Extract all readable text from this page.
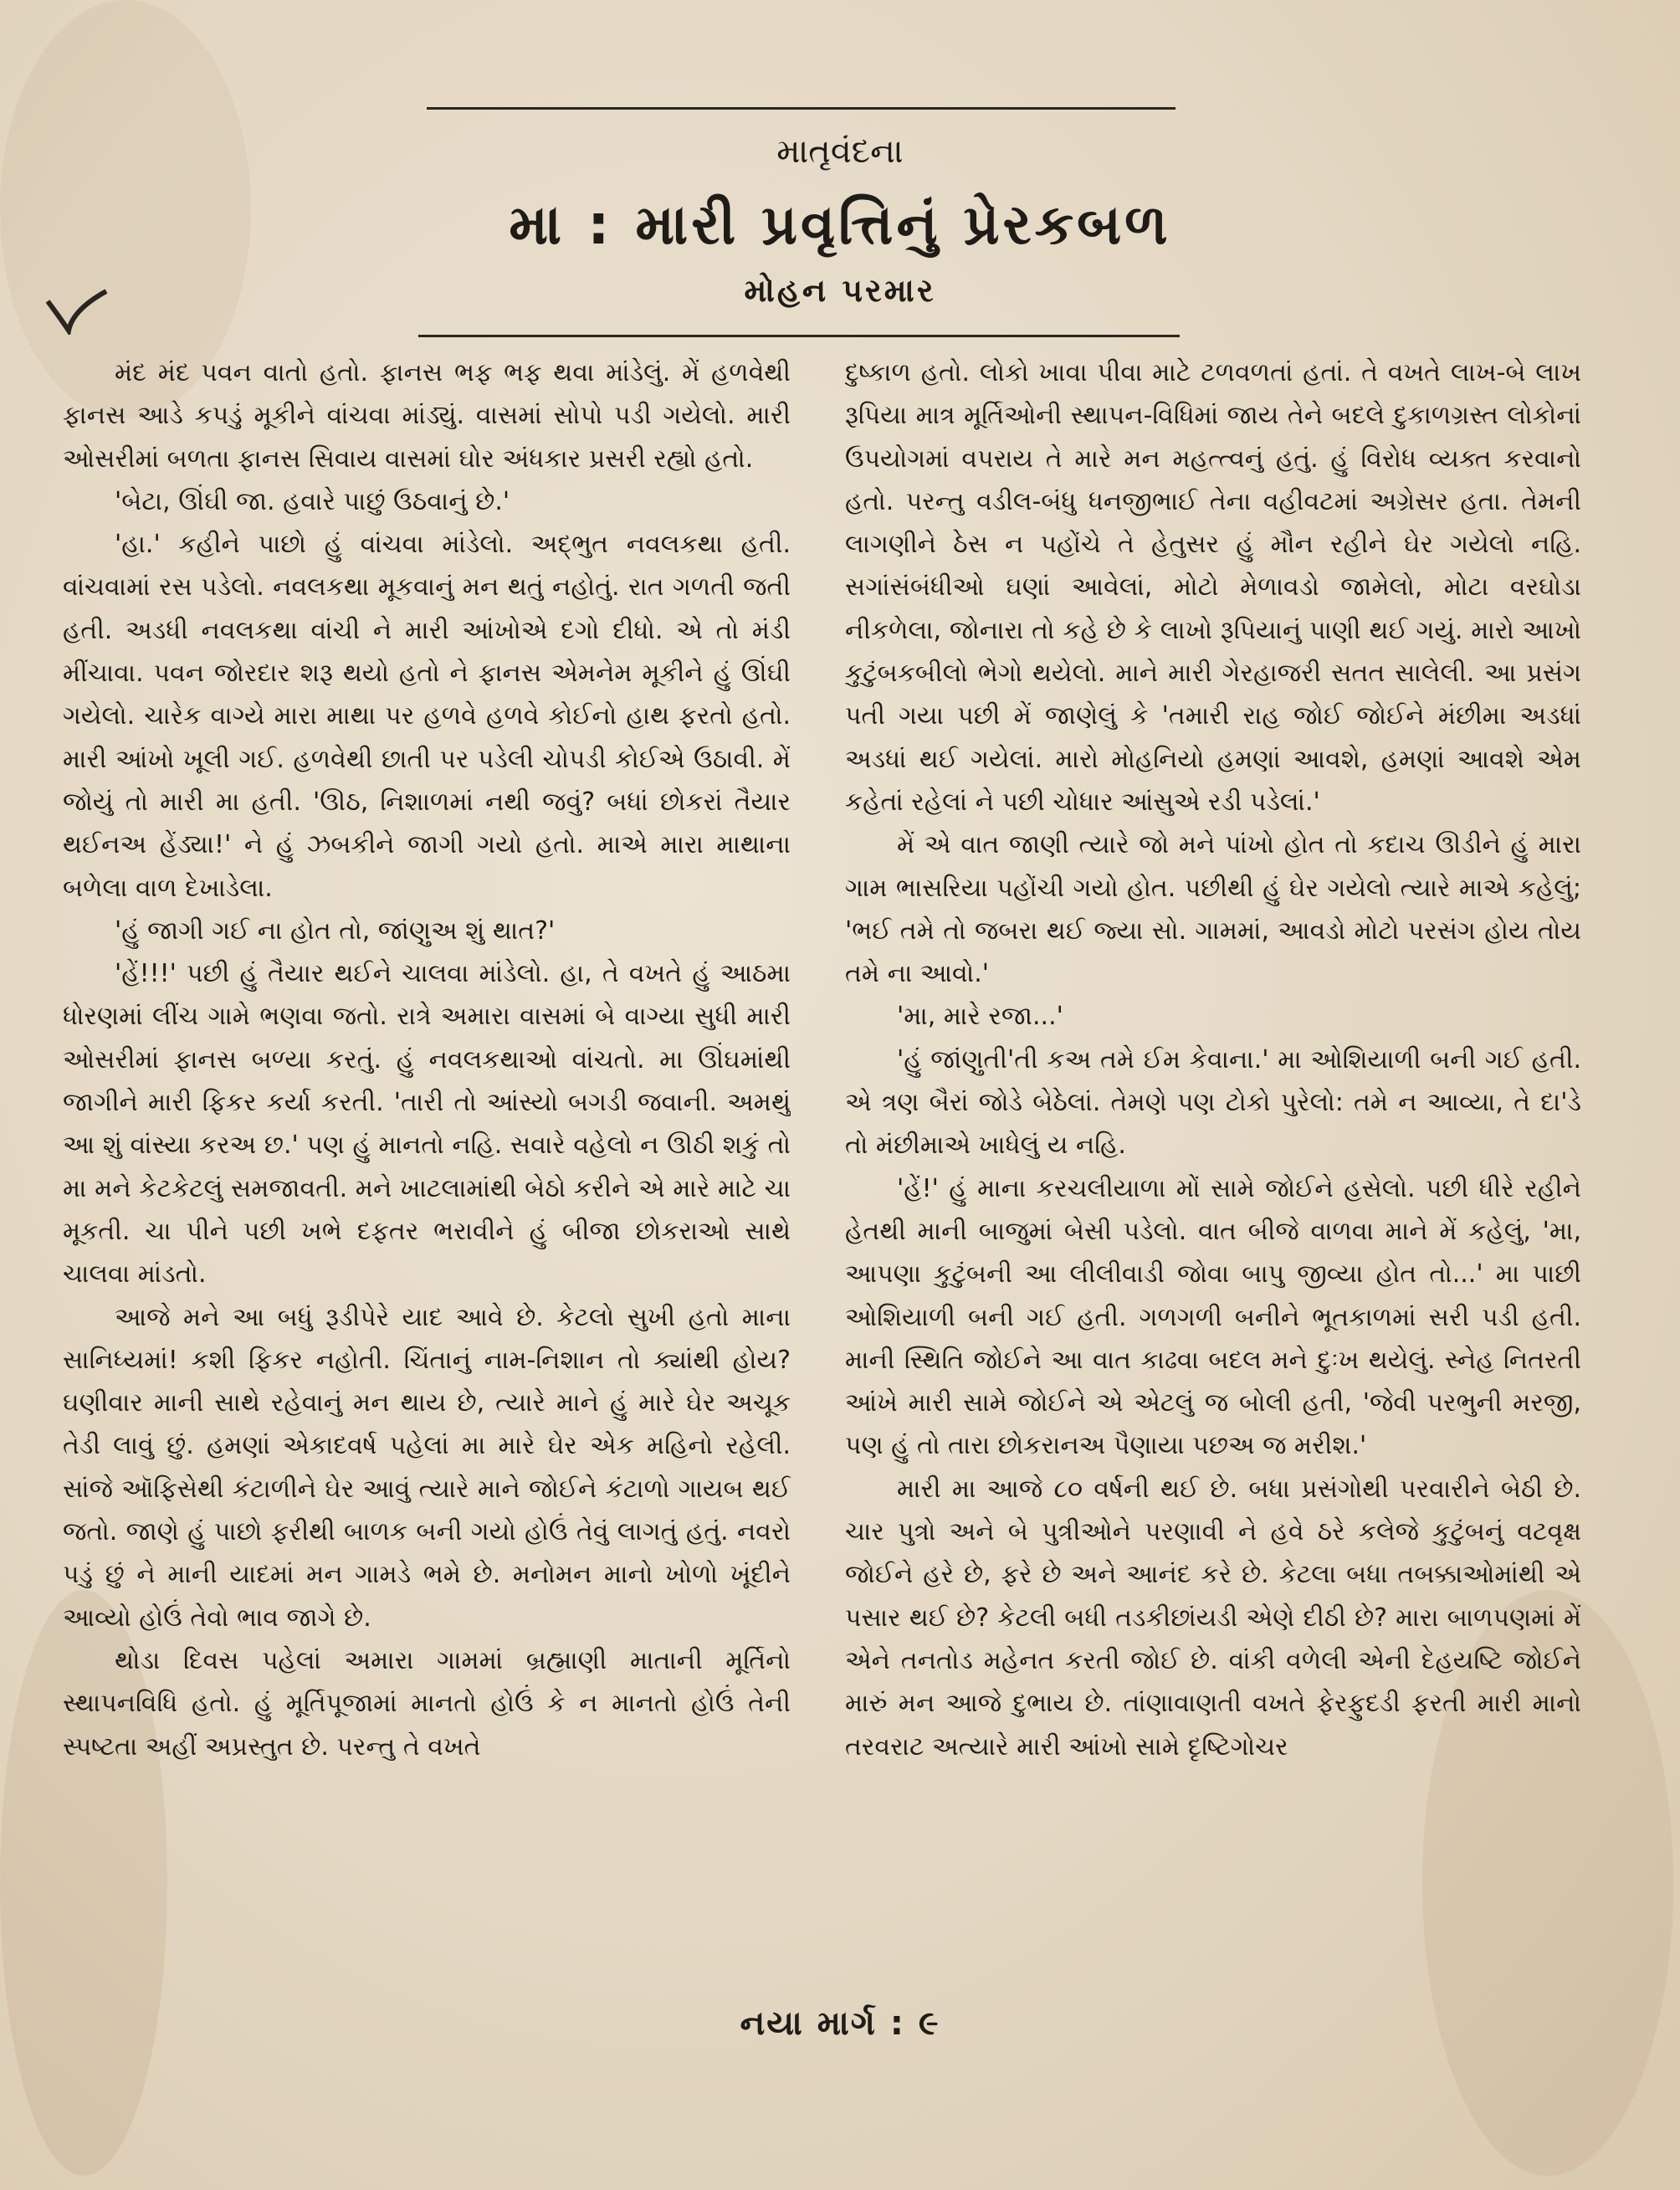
માતૃવંદના
મા : મારી પ્રવૃત્તિનું પ્રેરકબળ
મોહન પરમાર

મંદ મંદ પવન વાતો હતો. ફાનસ ભફ ભફ થવા માંડેલું. મેં હળવેથી ફાનસ આડે કપડું મૂકીને વાંચવા માંડ્યું. વાસમાં સોપો પડી ગયેલો. મારી ઓસરીમાં બળતા ફાનસ સિવાય વાસમાં ઘોર અંધકાર પ્રસરી રહ્યો હતો.

'બેટા, ઊંઘી જા. હવારે પાછું ઉઠવાનું છે.'

'હા.' કહીને પાછો હું વાંચવા માંડેલો. અદ્ભુત નવલકથા હતી. વાંચવામાં રસ પડેલો. નવલકથા મૂકવાનું મન થતું નહોતું. રાત ગળતી જતી હતી. અડધી નવલકથા વાંચી ને મારી આંખોએ દગો દીધો. એ તો મંડી મીંચાવા. પવન જોરદાર શરૂ થયો હતો ને ફાનસ એમનેમ મૂકીને હું ઊંઘી ગયેલો. ચારેક વાગ્યે મારા માથા પર હળવે હળવે કોઈનો હાથ ફરતો હતો. મારી આંખો ખૂલી ગઈ. હળવેથી છાતી પર પડેલી ચોપડી કોઈએ ઉઠાવી. મેં જોયું તો મારી મા હતી. 'ઊઠ, નિશાળમાં નથી જવું? બધાં છોકરાં તૈયાર થઈનઅ હેંડ્યા!' ને હું ઝબકીને જાગી ગયો હતો. માએ મારા માથાના બળેલા વાળ દેખાડેલા.

'હું જાગી ગઈ ના હોત તો, જાંણુઅ શું થાત?'

'હેં!!!' પછી હું તૈયાર થઈને ચાલવા માંડેલો. હા, તે વખતે હું આઠમા ધોરણમાં લીંચ ગામે ભણવા જતો. રાત્રે અમારા વાસમાં બે વાગ્યા સુધી મારી ઓસરીમાં ફાનસ બળ્યા કરતું. હું નવલકથાઓ વાંચતો. મા ઊંઘમાંથી જાગીને મારી ફિકર કર્યા કરતી. 'તારી તો આંસ્યો બગડી જવાની. અમથું આ શું વાંસ્યા કરઅ છ.' પણ હું માનતો નહિ. સવારે વહેલો ન ઊઠી શકું તો મા મને કેટકેટલું સમજાવતી. મને ખાટલામાંથી બેઠો કરીને એ મારે માટે ચા મૂકતી. ચા પીને પછી ખભે દફતર ભરાવીને હું બીજા છોકરાઓ સાથે ચાલવા માંડતો.

આજે મને આ બધું રૂડીપેરે યાદ આવે છે. કેટલો સુખી હતો માના સાનિધ્યમાં! કશી ફિકર નહોતી. ચિંતાનું નામ-નિશાન તો ક્યાંથી હોય? ઘણીવાર માની સાથે રહેવાનું મન થાય છે, ત્યારે માને હું મારે ઘેર અચૂક તેડી લાવું છું. હમણાં એકાદવર્ષ પહેલાં મા મારે ઘેર એક મહિનો રહેલી. સાંજે ઑફિસેથી કંટાળીને ઘેર આવું ત્યારે માને જોઈને કંટાળો ગાયબ થઈ જતો. જાણે હું પાછો ફરીથી બાળક બની ગયો હોઉં તેવું લાગતું હતું. નવરો પડું છું ને માની યાદમાં મન ગામડે ભમે છે. મનોમન માનો ખોળો ખૂંદીને આવ્યો હોઉં તેવો ભાવ જાગે છે.

થોડા દિવસ પહેલાં અમારા ગામમાં બ્રહ્માણી માતાની મૂર્તિનો સ્થાપનવિધિ હતો. હું મૂર્તિપૂજામાં માનતો હોઉં કે ન માનતો હોઉં તેની સ્પષ્ટતા અહીં અપ્રસ્તુત છે. પરન્તુ તે વખતે

દુષ્કાળ હતો. લોકો ખાવા પીવા માટે ટળવળતાં હતાં. તે વખતે લાખ-બે લાખ રૂપિયા માત્ર મૂર્તિઓની સ્થાપન-વિધિમાં જાય તેને બદલે દુકાળગ્રસ્ત લોકોનાં ઉપયોગમાં વપરાય તે મારે મન મહત્ત્વનું હતું. હું વિરોધ વ્યક્ત કરવાનો હતો. પરન્તુ વડીલ-બંધુ ધનજીભાઈ તેના વહીવટમાં અગ્રેસર હતા. તેમની લાગણીને ઠેસ ન પહોંચે તે હેતુસર હું મૌન રહીને ઘેર ગયેલો નહિ. સગાંસંબંધીઓ ઘણાં આવેલાં, મોટો મેળાવડો જામેલો, મોટા વરઘોડા નીકળેલા, જોનારા તો કહે છે કે લાખો રૂપિયાનું પાણી થઈ ગયું. મારો આખો કુટુંબકબીલો ભેગો થયેલો. માને મારી ગેરહાજરી સતત સાલેલી. આ પ્રસંગ પતી ગયા પછી મેં જાણેલું કે 'તમારી રાહ જોઈ જોઈને મંછીમા અડધાં અડધાં થઈ ગયેલાં. મારો મોહનિયો હમણાં આવશે, હમણાં આવશે એમ કહેતાં રહેલાં ને પછી ચોધાર આંસુએ રડી પડેલાં.'

મેં એ વાત જાણી ત્યારે જો મને પાંખો હોત તો કદાચ ઊડીને હું મારા ગામ ભાસરિયા પહોંચી ગયો હોત. પછીથી હું ઘેર ગયેલો ત્યારે માએ કહેલું; 'ભઈ તમે તો જબરા થઈ જ્યા સો. ગામમાં, આવડો મોટો પરસંગ હોય તોય તમે ના આવો.'

'મા, મારે રજા...'

'હું જાંણુતી'તી કઅ તમે ઈમ કેવાના.' મા ઓશિયાળી બની ગઈ હતી. એ ત્રણ બૈરાં જોડે બેઠેલાં. તેમણે પણ ટોકો પુરેલો: તમે ન આવ્યા, તે દા'ડે તો મંછીમાએ ખાધેલું ય નહિ.

'હેં!' હું માના કરચલીયાળા મોં સામે જોઈને હસેલો. પછી ધીરે રહીને હેતથી માની બાજુમાં બેસી પડેલો. વાત બીજે વાળવા માને મેં કહેલું, 'મા, આપણા કુટુંબની આ લીલીવાડી જોવા બાપુ જીવ્યા હોત તો...' મા પાછી ઓશિયાળી બની ગઈ હતી. ગળગળી બનીને ભૂતકાળમાં સરી પડી હતી. માની સ્થિતિ જોઈને આ વાત કાઢવા બદલ મને દુઃખ થયેલું. સ્નેહ નિતરતી આંખે મારી સામે જોઈને એ એટલું જ બોલી હતી, 'જેવી પરભુની મરજી, પણ હું તો તારા છોકરાનઅ પૈણાયા પછઅ જ મરીશ.'

મારી મા આજે ૮૦ વર્ષની થઈ છે. બધા પ્રસંગોથી પરવારીને બેઠી છે. ચાર પુત્રો અને બે પુત્રીઓને પરણાવી ને હવે ઠરે કલેજે કુટુંબનું વટવૃક્ષ જોઈને હરે છે, ફરે છે અને આનંદ કરે છે. કેટલા બધા તબક્કાઓમાંથી એ પસાર થઈ છે? કેટલી બધી તડકીછાંયડી એણે દીઠી છે? મારા બાળપણમાં મેં એને તનતોડ મહેનત કરતી જોઈ છે. વાંકી વળેલી એની દેહયષ્ટિ જોઈને મારું મન આજે દુભાય છે. તાંણાવાણતી વખતે ફેરફુદડી ફરતી મારી માનો તરવરાટ અત્યારે મારી આંખો સામે દૃષ્ટિગોચર

નયા માર્ગ : ૯
